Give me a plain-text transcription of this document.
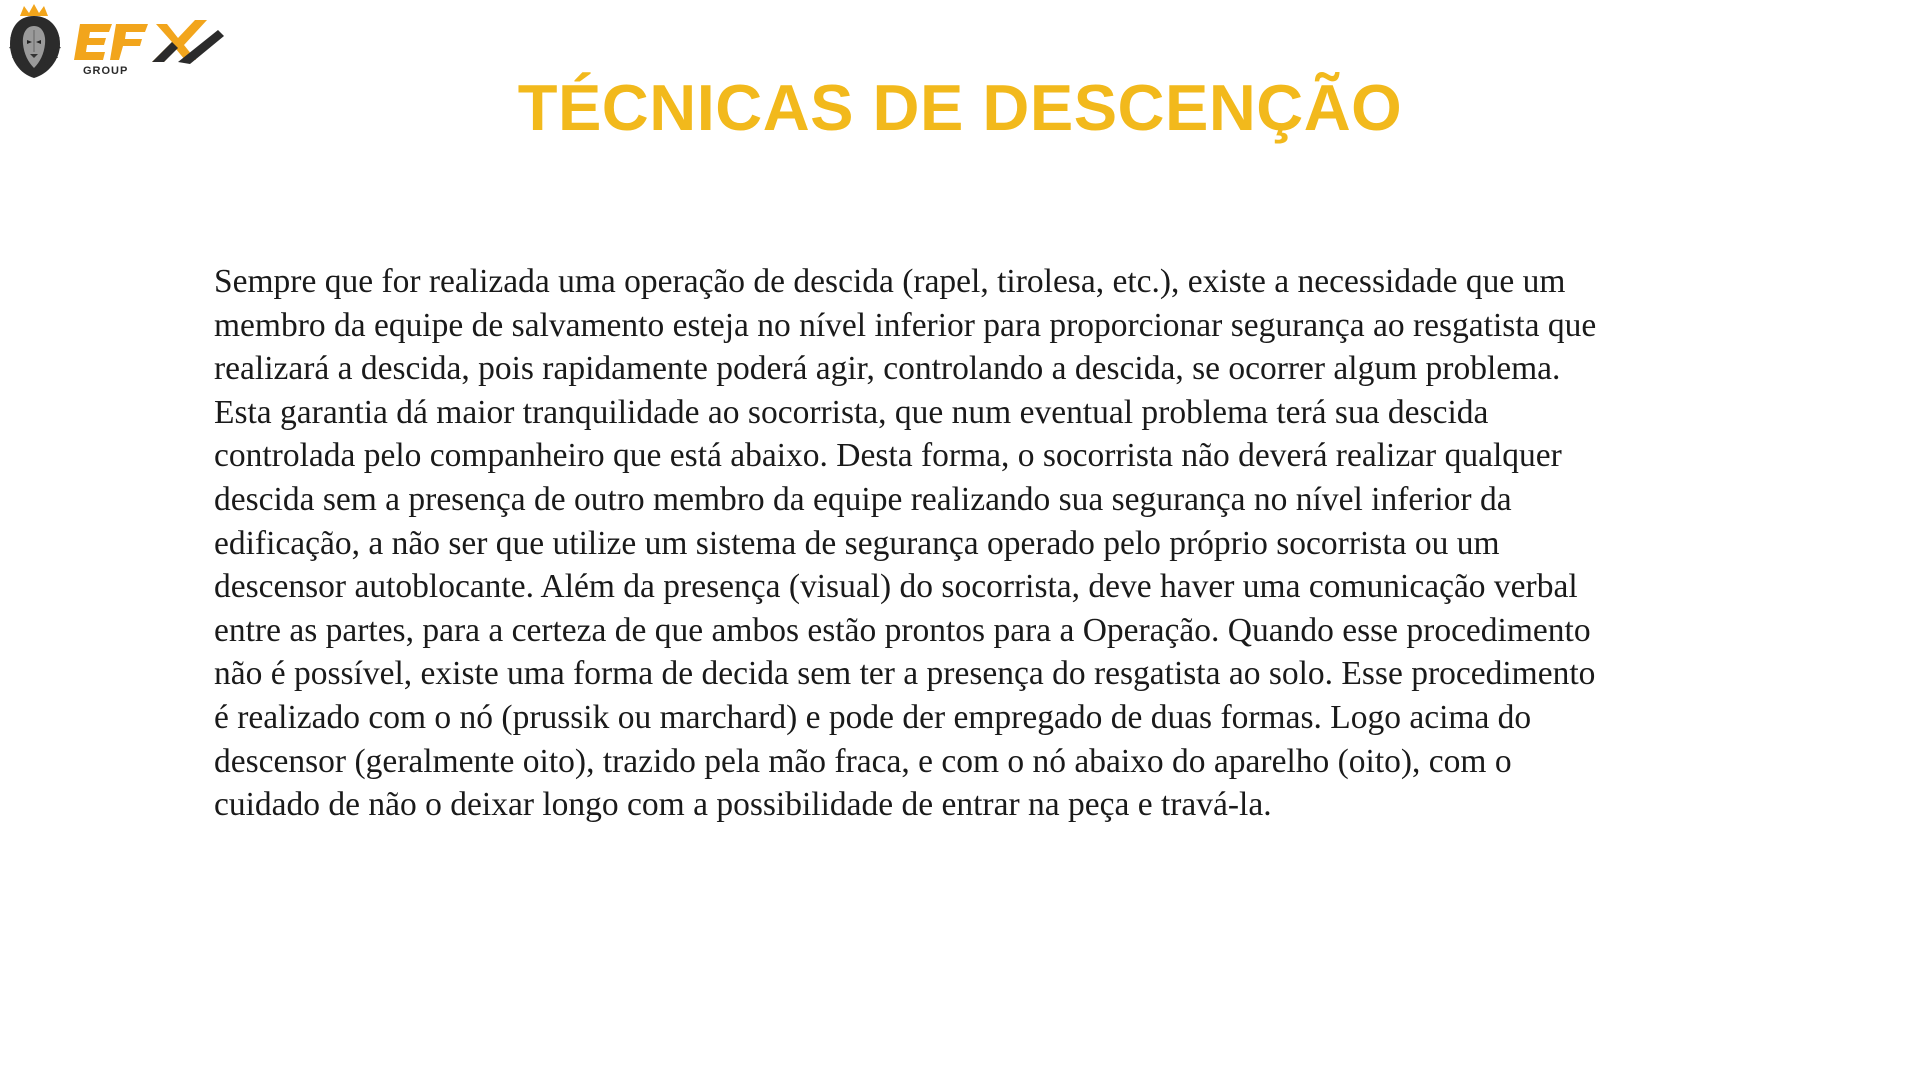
GROUP	TÉCNICAS DE DESCENÇÃO
Sempre que for realizada uma operação de descida (rapel, tirolesa, etc.), existe a necessidade que um
membro da equipe de salvamento esteja no nível inferior para proporcionar segurança ao resgatista que
realizará a descida, pois rapidamente poderá agir, controlando a descida, se ocorrer algum problema.
Esta garantia dá maior tranquilidade ao socorrista, que num eventual problema terá sua descida
controlada pelo companheiro que está abaixo. Desta forma, o socorrista não deverá realizar qualquer
descida sem a presença de outro membro da equipe realizando sua segurança no nível inferior da
edificação, a não ser que utilize um sistema de segurança operado pelo próprio socorrista ou um
descensor autoblocante. Além da presença (visual) do socorrista, deve haver uma comunicação verbal
entre as partes, para a certeza de que ambos estão prontos para a Operação. Quando esse procedimento
não é possível, existe uma forma de decida sem ter a presença do resgatista ao solo. Esse procedimento
é realizado com o nó (prussik ou marchard) e pode der empregado de duas formas. Logo acima do
descensor (geralmente oito), trazido pela mão fraca, e com o nó abaixo do aparelho (oito), com o
cuidado de não o deixar longo com a possibilidade de entrar na peça e travá-la.
